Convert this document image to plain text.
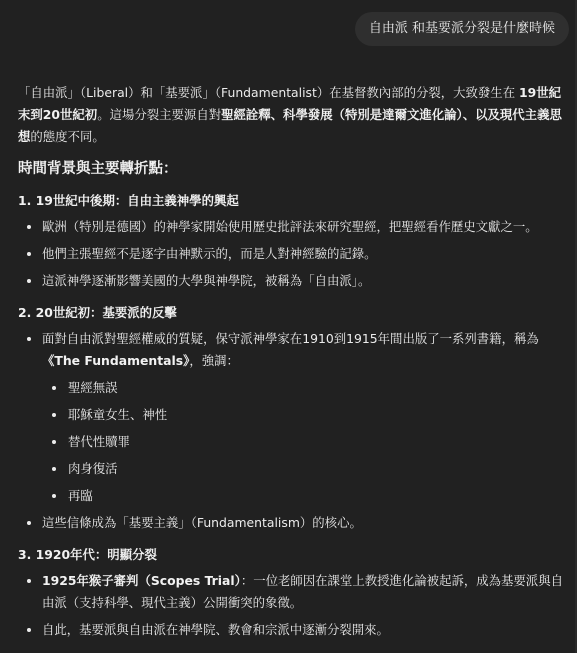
自由派 和基要派分裂是什麼時候

「自由派」（Liberal）和「基要派」（Fundamentalist）在基督教內部的分裂，大致發生在 19世紀末到20世紀初。這場分裂主要源自對聖經詮釋、科學發展（特別是達爾文進化論）、以及現代主義思想的態度不同。

時間背景與主要轉折點：
1. 19世紀中後期：自由主義神學的興起
歐洲（特別是德國）的神學家開始使用歷史批評法來研究聖經，把聖經看作歷史文獻之一。
他們主張聖經不是逐字由神默示的，而是人對神經驗的記錄。
這派神學逐漸影響美國的大學與神學院，被稱為「自由派」。
2. 20世紀初：基要派的反擊
面對自由派對聖經權威的質疑，保守派神學家在1910到1915年間出版了一系列書籍，稱為《The Fundamentals》，強調：
聖經無誤
耶穌童女生、神性
替代性贖罪
肉身復活
再臨
這些信條成為「基要主義」（Fundamentalism）的核心。
3. 1920年代：明顯分裂
1925年猴子審判（Scopes Trial）：一位老師因在課堂上教授進化論被起訴，成為基要派與自由派（支持科學、現代主義）公開衝突的象徵。
自此，基要派與自由派在神學院、教會和宗派中逐漸分裂開來。
